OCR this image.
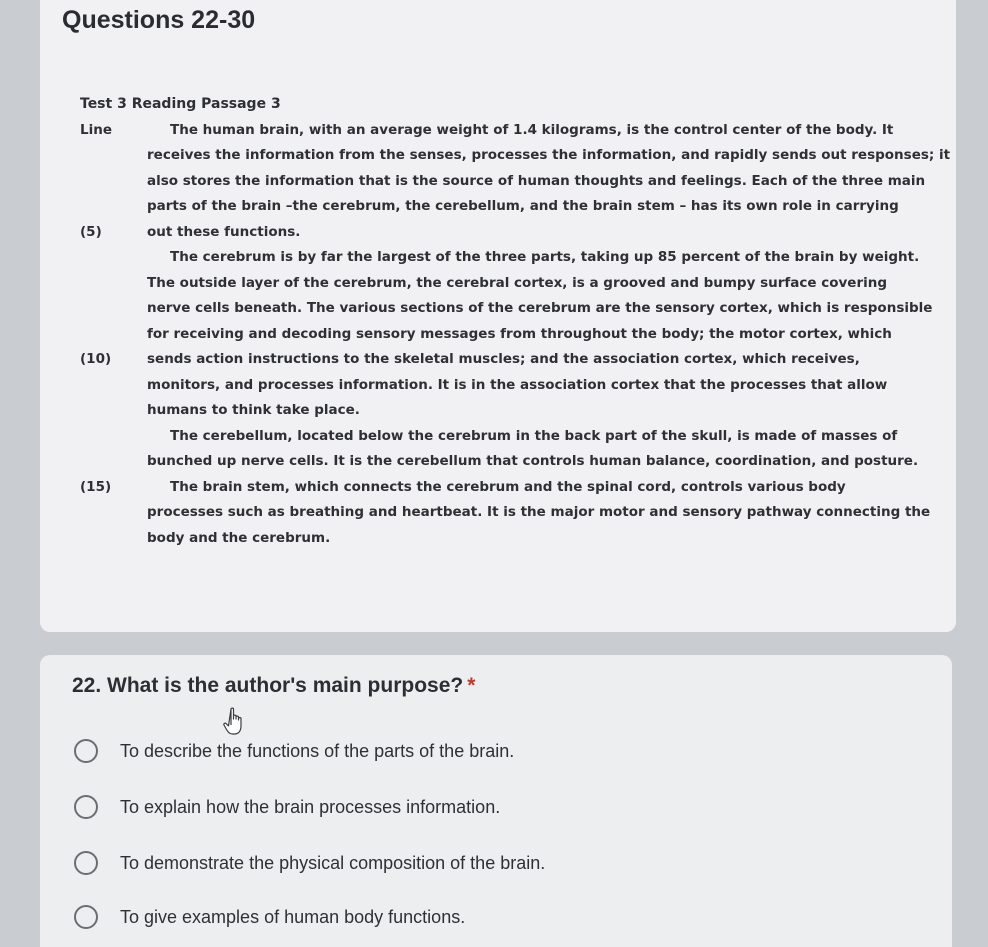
Questions 22-30
Test 3 Reading Passage 3
Line	The human brain, with an average weight of 1.4 kilograms, is the control center of the body. It
receives the information from the senses, processes the information, and rapidly sends out responses; it
also stores the information that is the source of human thoughts and feelings. Each of the three main
parts of the brain –the cerebrum, the cerebellum, and the brain stem – has its own role in carrying
(5)	out these functions.
The cerebrum is by far the largest of the three parts, taking up 85 percent of the brain by weight.
The outside layer of the cerebrum, the cerebral cortex, is a grooved and bumpy surface covering
nerve cells beneath. The various sections of the cerebrum are the sensory cortex, which is responsible
for receiving and decoding sensory messages from throughout the body; the motor cortex, which
(10)	sends action instructions to the skeletal muscles; and the association cortex, which receives,
monitors, and processes information. It is in the association cortex that the processes that allow
humans to think take place.
The cerebellum, located below the cerebrum in the back part of the skull, is made of masses of
bunched up nerve cells. It is the cerebellum that controls human balance, coordination, and posture.
(15)	The brain stem, which connects the cerebrum and the spinal cord, controls various body
processes such as breathing and heartbeat. It is the major motor and sensory pathway connecting the
body and the cerebrum.
22. What is the author's main purpose? *
To describe the functions of the parts of the brain.
To explain how the brain processes information.
To demonstrate the physical composition of the brain.
To give examples of human body functions.
